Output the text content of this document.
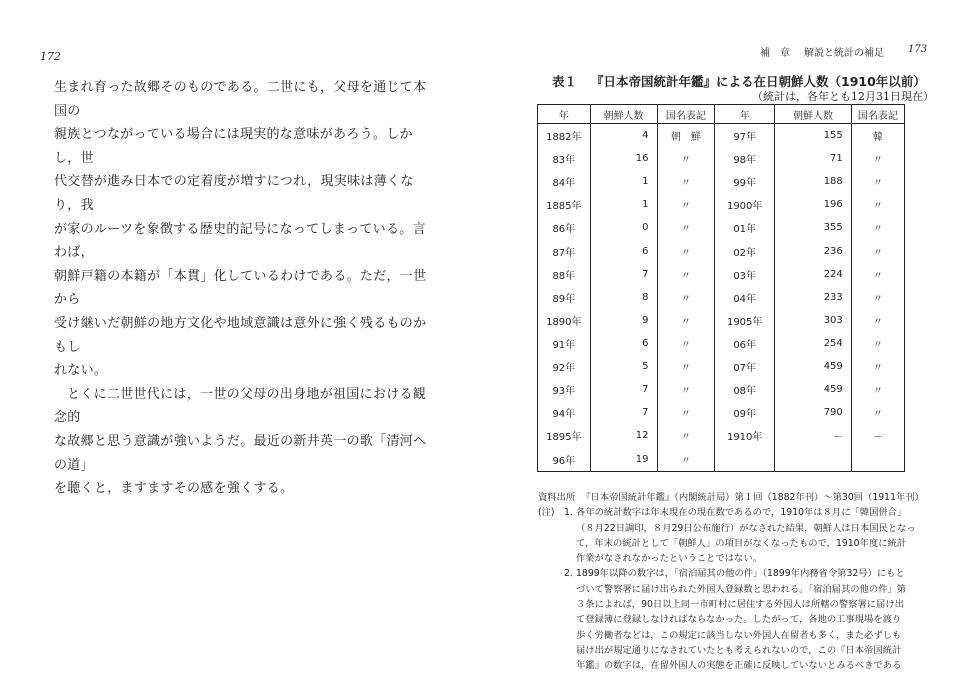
172

生まれ育った故郷そのものである。二世にも，父母を通じて本国の
親族とつながっている場合には現実的な意味があろう。しかし，世
代交替が進み日本での定着度が増すにつれ，現実味は薄くなり，我
が家のルーツを象徴する歴史的記号になってしまっている。言わば，
朝鮮戸籍の本籍が「本貫」化しているわけである。ただ，一世から
受け継いだ朝鮮の地方文化や地域意識は意外に強く残るものかもし
れない。

とくに二世世代には，一世の父母の出身地が祖国における観念的
な故郷と思う意識が強いようだ。最近の新井英一の歌「清河への道」
を聴くと，ますますその感を強くする。

補　章 解説と統計の補足	173
表１ 『日本帝国統計年鑑』による在日朝鮮人数（1910年以前）
（統計は，各年とも12月31日現在）
年	朝鮮人数	国名表記	年	朝鮮人数	国名表記
1882年	4	朝　鮮	97年	155	韓
83年	16	〃	98年	71	〃
84年	1	〃	99年	188	〃
1885年	1	〃	1900年	196	〃
86年	0	〃	01年	355	〃
87年	6	〃	02年	236	〃
88年	7	〃	03年	224	〃
89年	8	〃	04年	233	〃
1890年	9	〃	1905年	303	〃
91年	6	〃	06年	254	〃
92年	5	〃	07年	459	〃
93年	7	〃	08年	459	〃
94年	7	〃	09年	790	〃
1895年	12	〃	1910年	－	－
96年	19	〃			
資料出所 『日本帝国統計年鑑』（内閣統計局）第１回（1882年刊）～第30回（1911年刊）
(注) 1．各年の統計数字は年末現在の現在数であるので，1910年は８月に「韓国併合」
（８月22日調印，８月29日公布施行）がなされた結果，朝鮮人は日本国民となっ
て，年末の統計として「朝鮮人」の項目がなくなったもので，1910年度に統計
作業がなされなかったということではない。
2．1899年以降の数字は，「宿泊届其の他の件」（1899年内務省令第32号）にもと
づいて警察署に届け出られた外国人登録数と思われる。「宿泊届其の他の件」第
３条によれば，90日以上同一市町村に居住する外国人は所轄の警察署に届け出
て登録簿に登録しなければならなかった。したがって，各地の工事現場を渡り
歩く労働者などは，この規定に該当しない外国人在留者も多く，また必ずしも
届け出が規定通りになされていたとも考えられないので，この『日本帝国統計
年鑑』の数字は，在留外国人の実態を正確に反映していないとみるべきである
